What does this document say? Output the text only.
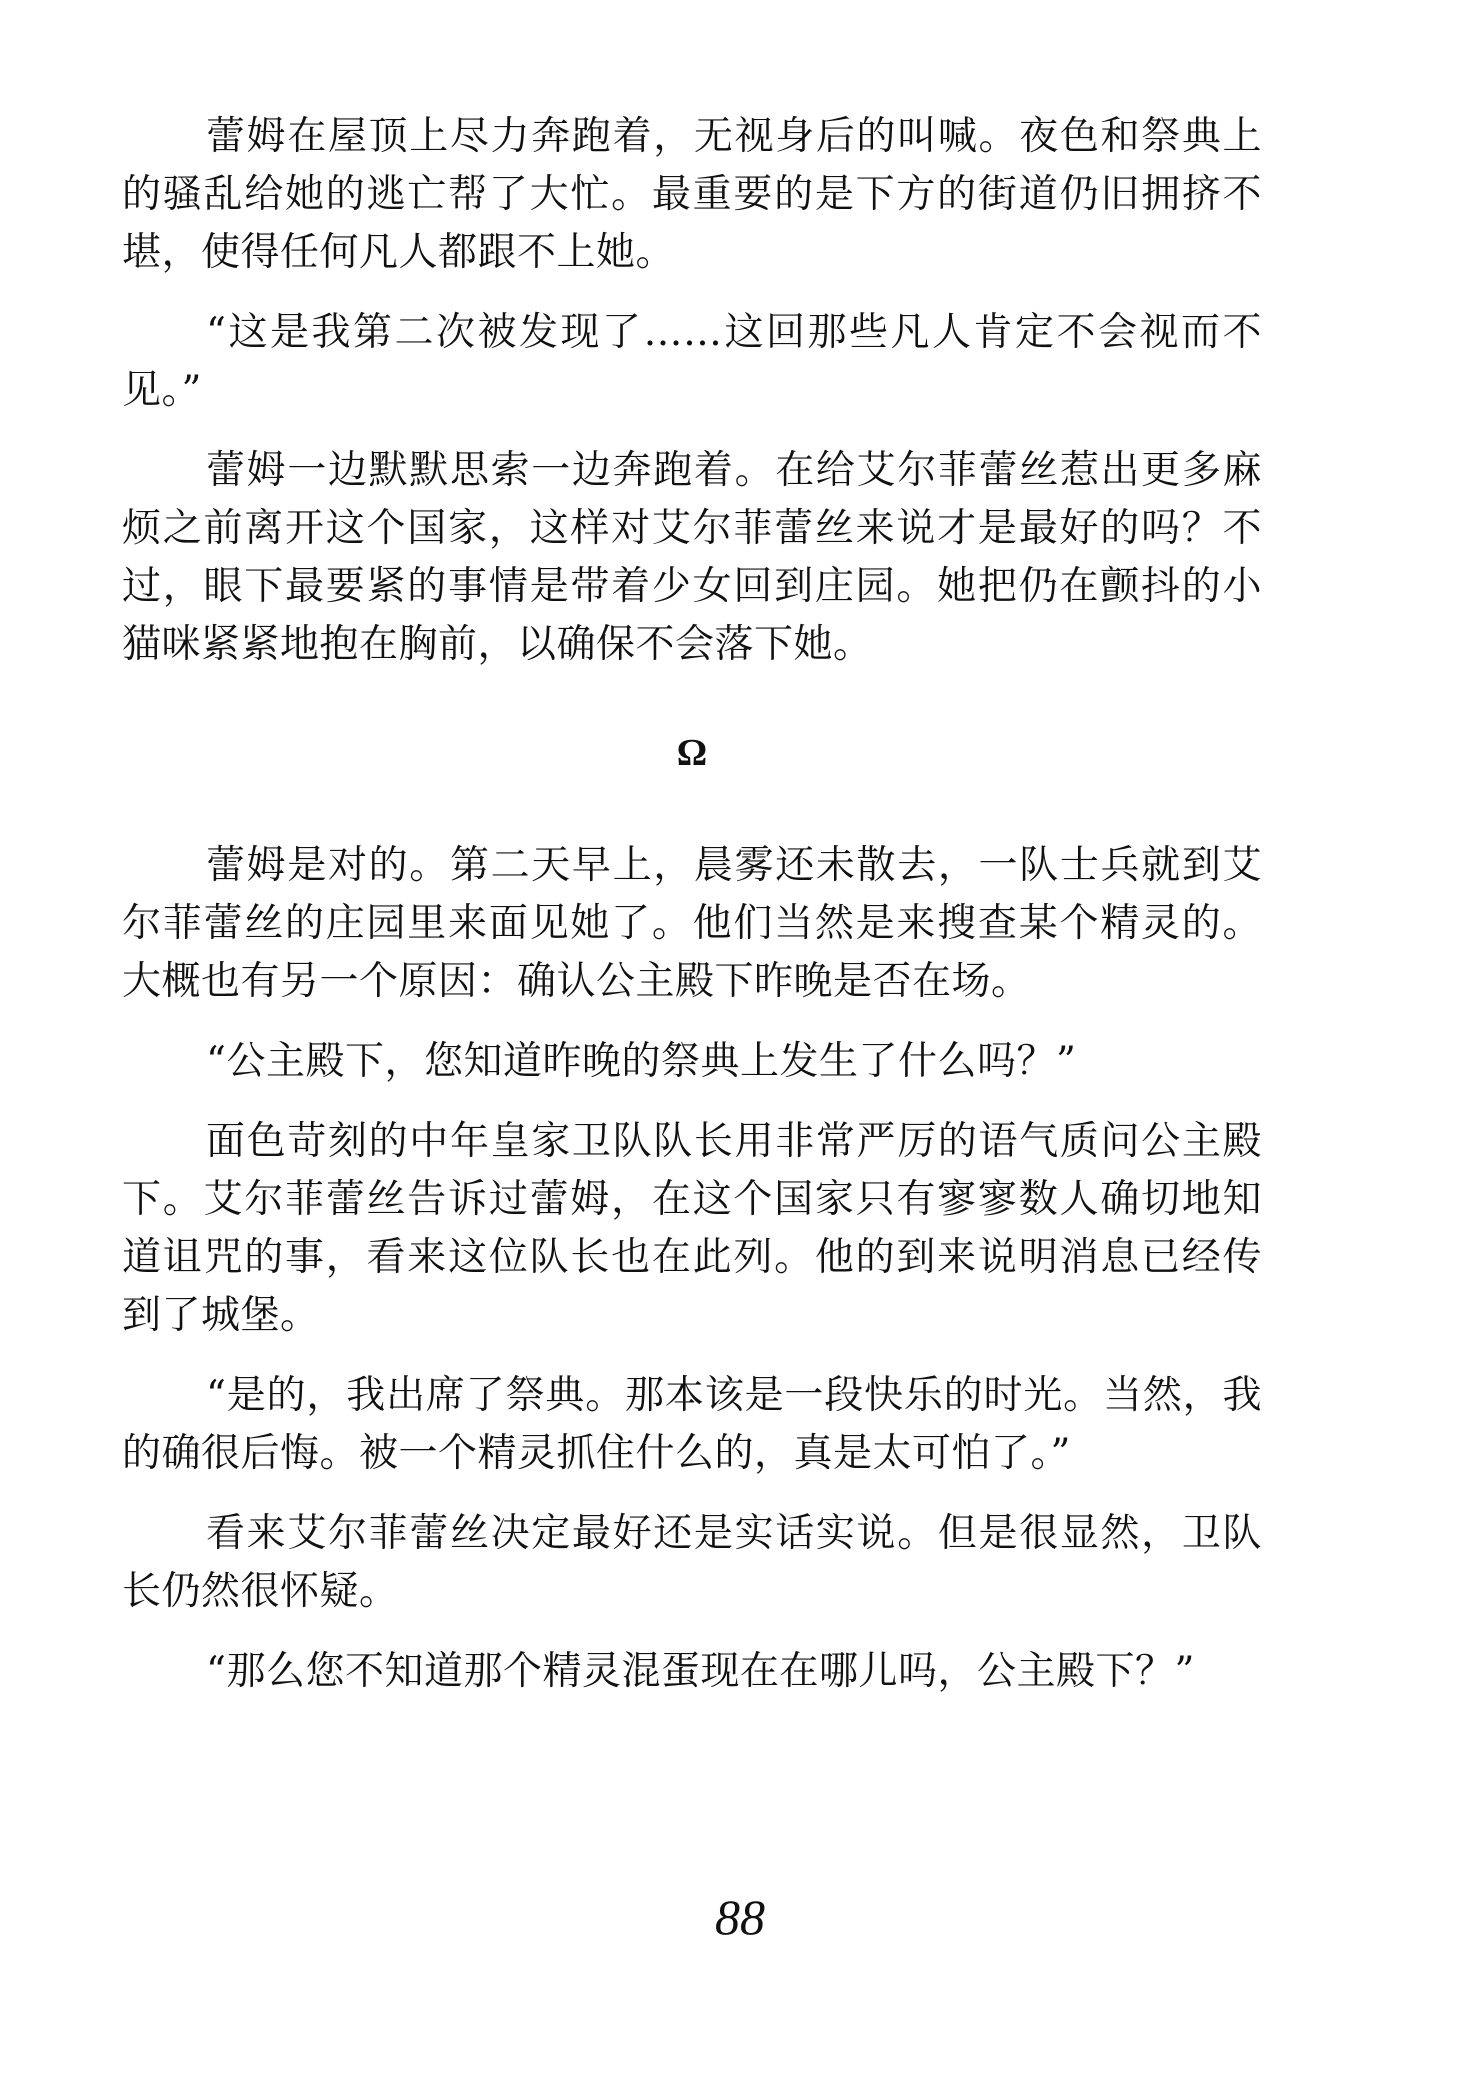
蕾姆在屋顶上尽力奔跑着，无视身后的叫喊。夜色和祭典上的骚乱给她的逃亡帮了大忙。最重要的是下方的街道仍旧拥挤不堪，使得任何凡人都跟不上她。

“这是我第二次被发现了……这回那些凡人肯定不会视而不见。”

蕾姆一边默默思索一边奔跑着。在给艾尔菲蕾丝惹出更多麻烦之前离开这个国家，这样对艾尔菲蕾丝来说才是最好的吗？不过，眼下最要紧的事情是带着少女回到庄园。她把仍在颤抖的小猫咪紧紧地抱在胸前，以确保不会落下她。

Ω

蕾姆是对的。第二天早上，晨雾还未散去，一队士兵就到艾尔菲蕾丝的庄园里来面见她了。他们当然是来搜查某个精灵的。大概也有另一个原因：确认公主殿下昨晚是否在场。

“公主殿下，您知道昨晚的祭典上发生了什么吗？”

面色苛刻的中年皇家卫队队长用非常严厉的语气质问公主殿下。艾尔菲蕾丝告诉过蕾姆，在这个国家只有寥寥数人确切地知道诅咒的事，看来这位队长也在此列。他的到来说明消息已经传到了城堡。

“是的，我出席了祭典。那本该是一段快乐的时光。当然，我的确很后悔。被一个精灵抓住什么的，真是太可怕了。”

看来艾尔菲蕾丝决定最好还是实话实说。但是很显然，卫队长仍然很怀疑。

“那么您不知道那个精灵混蛋现在在哪儿吗，公主殿下？”

88
